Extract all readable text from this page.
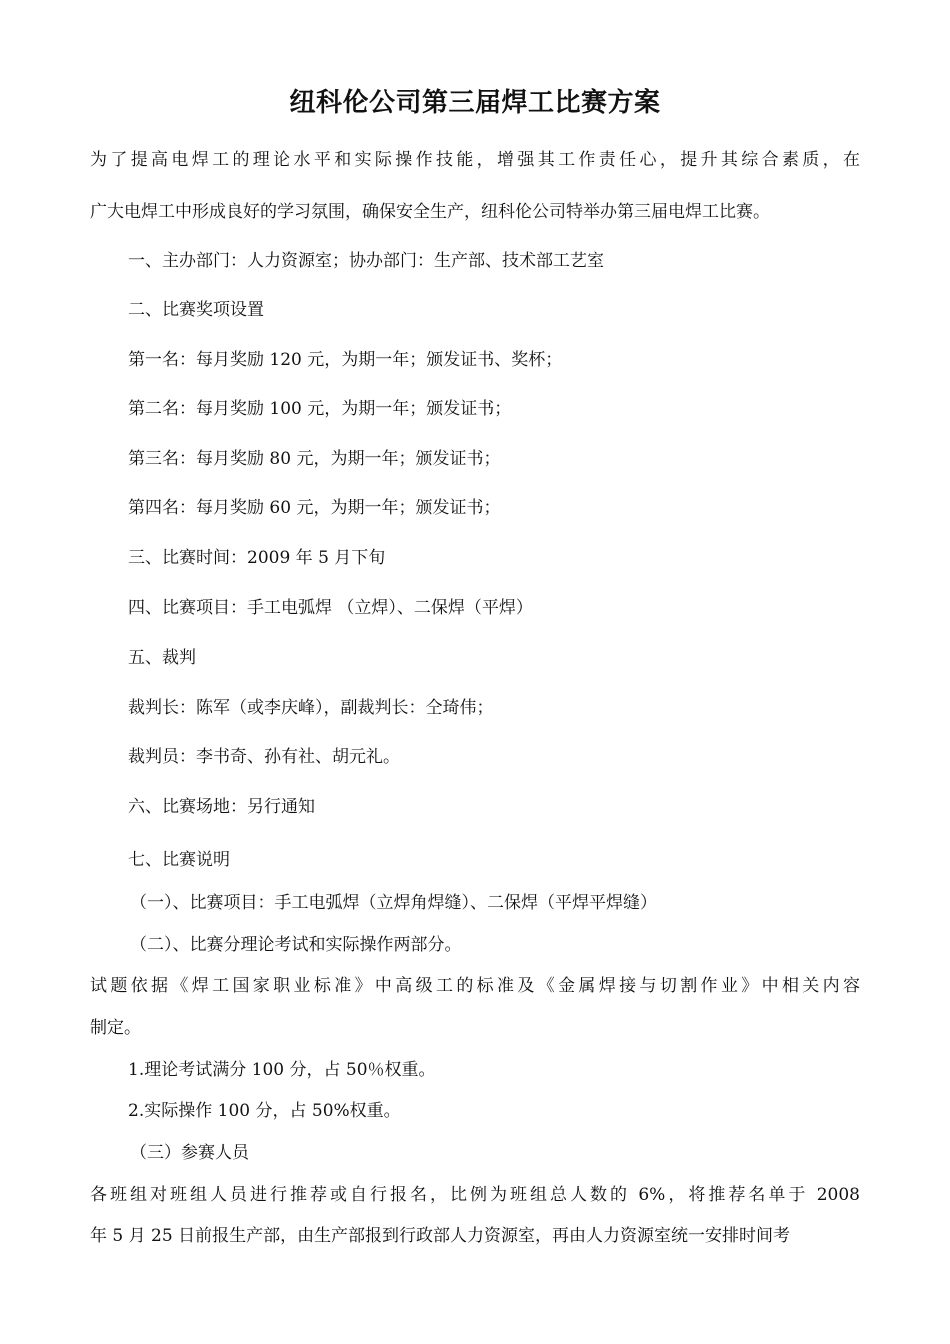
纽科伦公司第三届焊工比赛方案
为了提高电焊工的理论水平和实际操作技能，增强其工作责任心，提升其综合素质，在
广大电焊工中形成良好的学习氛围，确保安全生产，纽科伦公司特举办第三届电焊工比赛。
一、主办部门：人力资源室；协办部门：生产部、技术部工艺室
二、比赛奖项设置
第一名：每月奖励 120 元，为期一年；颁发证书、奖杯；
第二名：每月奖励 100 元，为期一年；颁发证书；
第三名：每月奖励 80 元，为期一年；颁发证书；
第四名：每月奖励 60 元，为期一年；颁发证书；
三、比赛时间：2009 年 5 月下旬
四、比赛项目：手工电弧焊 （立焊）、二保焊（平焊）
五、裁判
裁判长：陈军（或李庆峰），副裁判长：仝琦伟；
裁判员：李书奇、孙有社、胡元礼。
六、比赛场地：另行通知
七、比赛说明
（一）、比赛项目：手工电弧焊（立焊角焊缝）、二保焊（平焊平焊缝）
（二）、比赛分理论考试和实际操作两部分。
试题依据《焊工国家职业标准》中高级工的标准及《金属焊接与切割作业》中相关内容
制定。
1.理论考试满分 100 分，占 50％权重。
2.实际操作 100 分，占 50%权重。
（三）参赛人员
各班组对班组人员进行推荐或自行报名，比例为班组总人数的 6%，将推荐名单于 2008
年 5 月 25 日前报生产部，由生产部报到行政部人力资源室，再由人力资源室统一安排时间考
